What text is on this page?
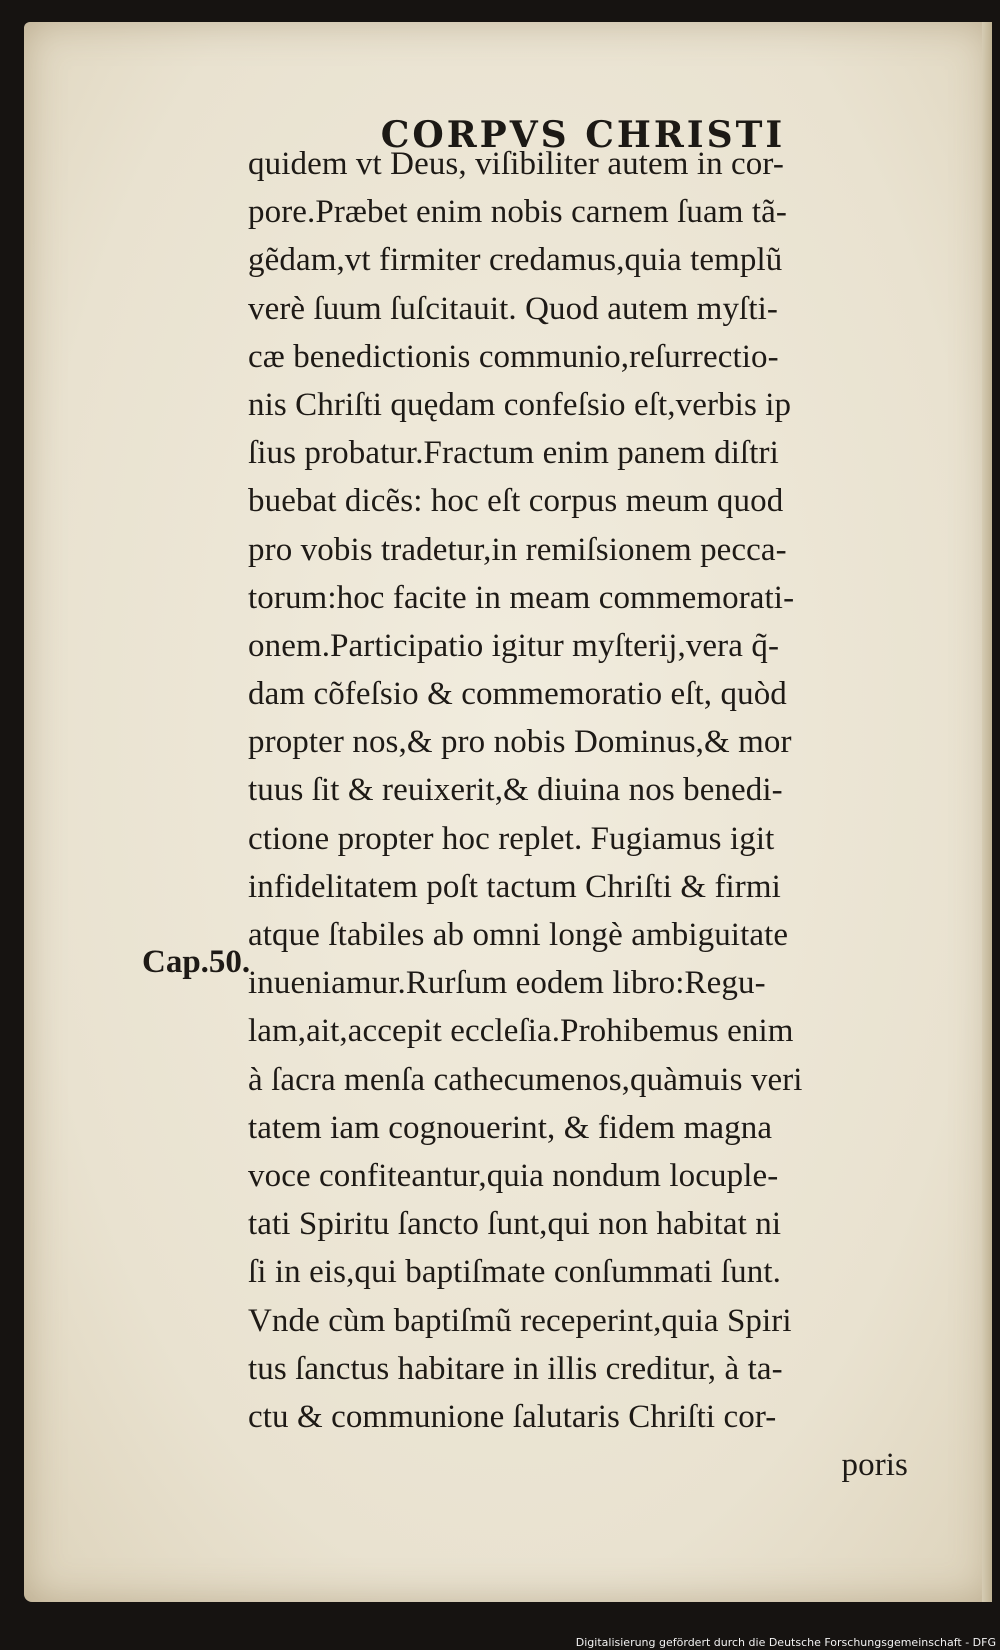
CORPVS CHRISTI
Cap.50.
quidem vt Deus, viſibiliter autem in cor-
pore.Præbet enim nobis carnem ſuam tã-
gẽdam,vt firmiter credamus,quia templũ
verè ſuum ſuſcitauit. Quod autem myſti-
cæ benedictionis communio,reſurrectio-
nis Chriſti quędam confeſsio eſt,verbis ip
ſius probatur.Fractum enim panem diſtri
buebat dicẽs: hoc eſt corpus meum quod
pro vobis tradetur,in remiſsionem pecca-
torum:hoc facite in meam commemorati-
onem.Participatio igitur myſterij,vera q̃-
dam cõfeſsio & commemoratio eſt, quòd
propter nos,& pro nobis Dominus,& mor
tuus ſit & reuixerit,& diuina nos benedi-
ctione propter hoc replet. Fugiamus igit
infidelitatem poſt tactum Chriſti & firmi
atque ſtabiles ab omni longè ambiguitate
inueniamur.Rurſum eodem libro:Regu-
lam,ait,accepit eccleſia.Prohibemus enim
à ſacra menſa cathecumenos,quàmuis veri
tatem iam cognouerint, & fidem magna
voce confiteantur,quia nondum locuple-
tati Spiritu ſancto ſunt,qui non habitat ni
ſi in eis,qui baptiſmate conſummati ſunt.
Vnde cùm baptiſmũ receperint,quia Spiri
tus ſanctus habitare in illis creditur, à ta-
ctu & communione ſalutaris Chriſti cor-
poris
Digitalisierung gefördert durch die Deutsche Forschungsgemeinschaft - DFG
